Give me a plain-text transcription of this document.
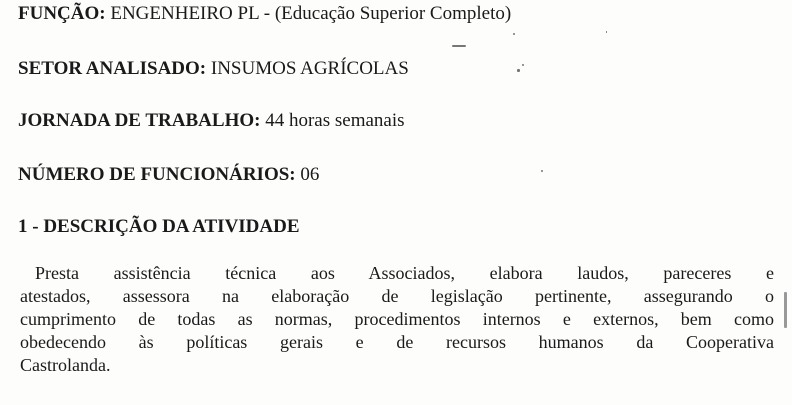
FUNÇÃO: ENGENHEIRO PL - (Educação Superior Completo)

SETOR ANALISADO: INSUMOS AGRÍCOLAS

JORNADA DE TRABALHO: 44 horas semanais

NÚMERO DE FUNCIONÁRIOS: 06

1 - DESCRIÇÃO DA ATIVIDADE

Presta assistência técnica aos Associados, elabora laudos, pareceres e
atestados, assessora na elaboração de legislação pertinente, assegurando o
cumprimento de todas as normas, procedimentos internos e externos, bem como
obedecendo às políticas gerais e de recursos humanos da Cooperativa
Castrolanda.
